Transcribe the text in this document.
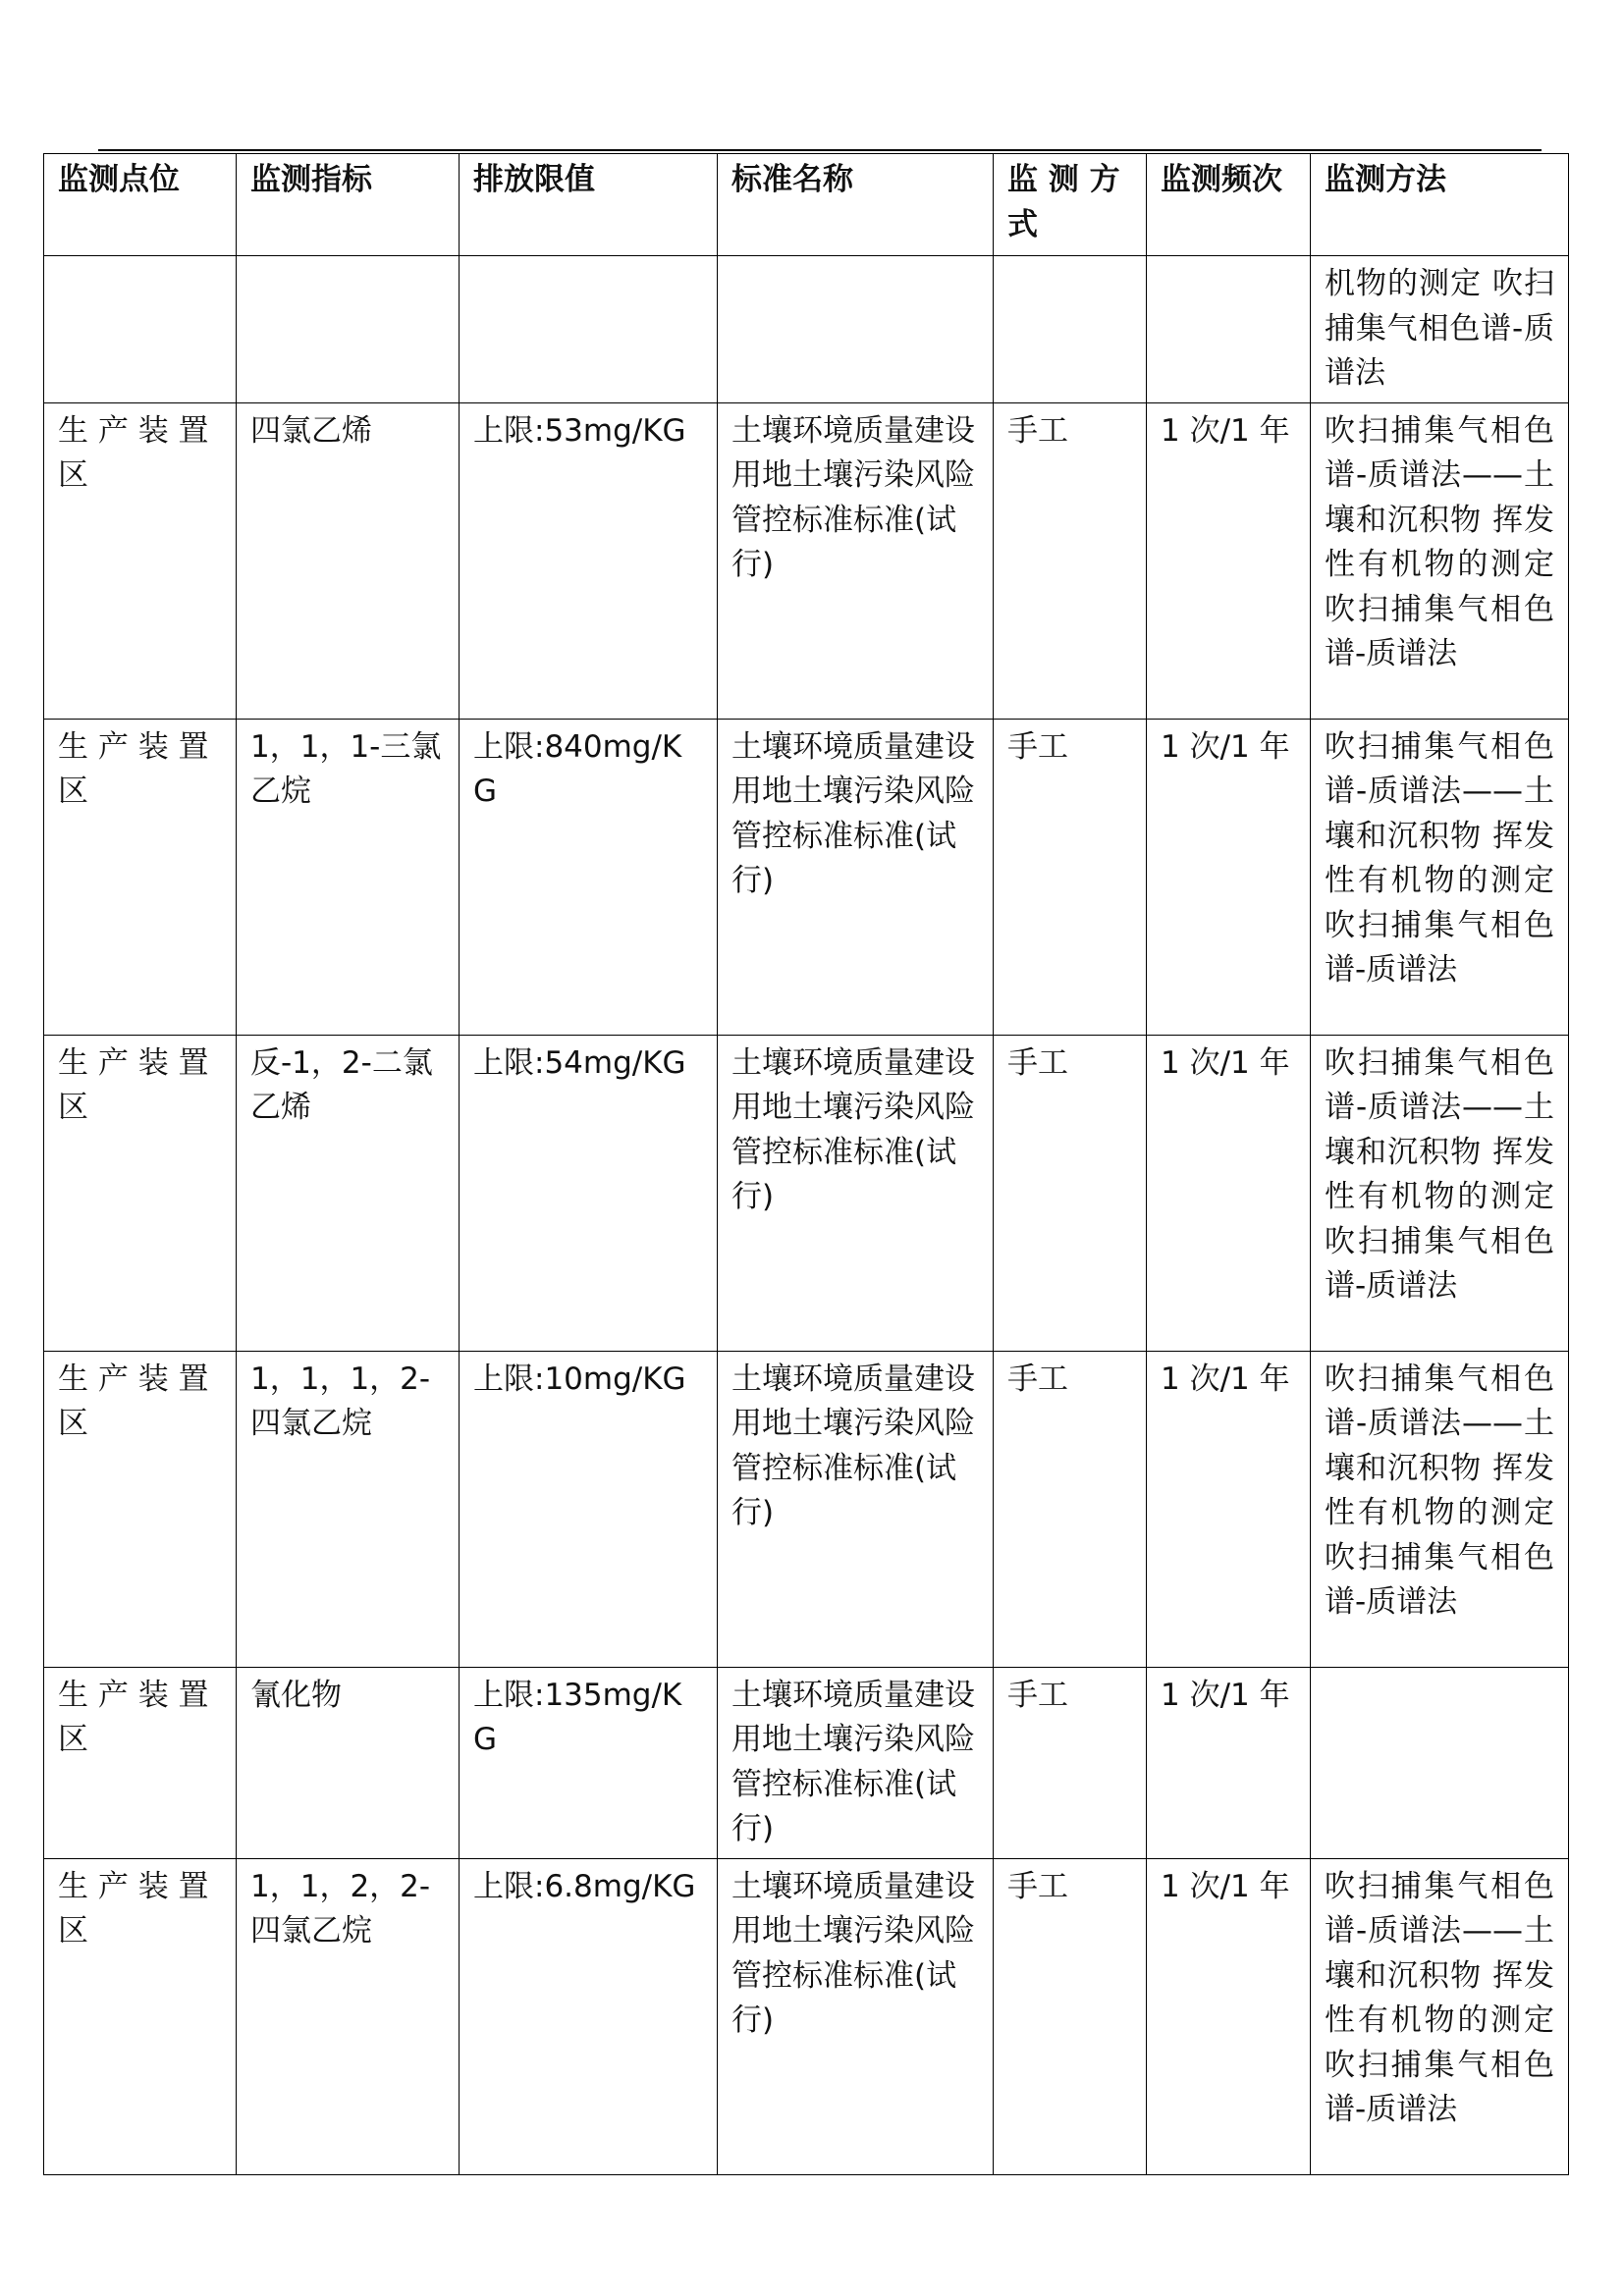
监测点位	监测指标	排放限值	标准名称	监 测 方 式	监测频次	监测方法
						机物的测定 吹扫捕集气相色谱-质谱法
生 产 装 置 区	四氯乙烯	上限:53mg/KG	土壤环境质量建设用地土壤污染风险管控标准标准(试行)	手工	1 次/1 年	吹扫捕集气相色谱-质谱法——土壤和沉积物 挥发性有机物的测定 吹扫捕集气相色谱-质谱法
生 产 装 置 区	1，1，1-三氯乙烷	上限:840mg/KG	土壤环境质量建设用地土壤污染风险管控标准标准(试行)	手工	1 次/1 年	吹扫捕集气相色谱-质谱法——土壤和沉积物 挥发性有机物的测定 吹扫捕集气相色谱-质谱法
生 产 装 置 区	反-1，2-二氯乙烯	上限:54mg/KG	土壤环境质量建设用地土壤污染风险管控标准标准(试行)	手工	1 次/1 年	吹扫捕集气相色谱-质谱法——土壤和沉积物 挥发性有机物的测定 吹扫捕集气相色谱-质谱法
生 产 装 置 区	1，1，1，2-四氯乙烷	上限:10mg/KG	土壤环境质量建设用地土壤污染风险管控标准标准(试行)	手工	1 次/1 年	吹扫捕集气相色谱-质谱法——土壤和沉积物 挥发性有机物的测定 吹扫捕集气相色谱-质谱法
生 产 装 置 区	氰化物	上限:135mg/KG	土壤环境质量建设用地土壤污染风险管控标准标准(试行)	手工	1 次/1 年	
生 产 装 置 区	1，1，2，2-四氯乙烷	上限:6.8mg/KG	土壤环境质量建设用地土壤污染风险管控标准标准(试行)	手工	1 次/1 年	吹扫捕集气相色谱-质谱法——土壤和沉积物 挥发性有机物的测定 吹扫捕集气相色谱-质谱法
